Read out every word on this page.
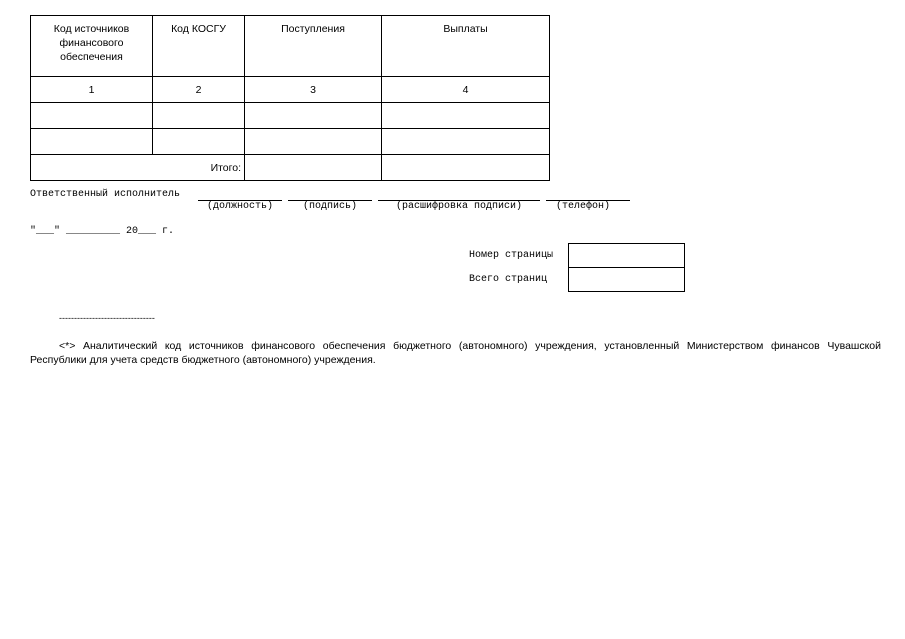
Код источников финансового обеспечения	Код КОСГУ	Поступления	Выплаты
1	2	3	4

Итого:			
Ответственный исполнитель
(должность)	(подпись)	(расшифровка подписи)	(телефон)
"___" _________ 20___ г.
Номер страницы
Всего страниц

--------------------------------
<*> Аналитический код источников финансового обеспечения бюджетного (автономного) учреждения, установленный Министерством финансов Чувашской Республики для учета средств бюджетного (автономного) учреждения.
